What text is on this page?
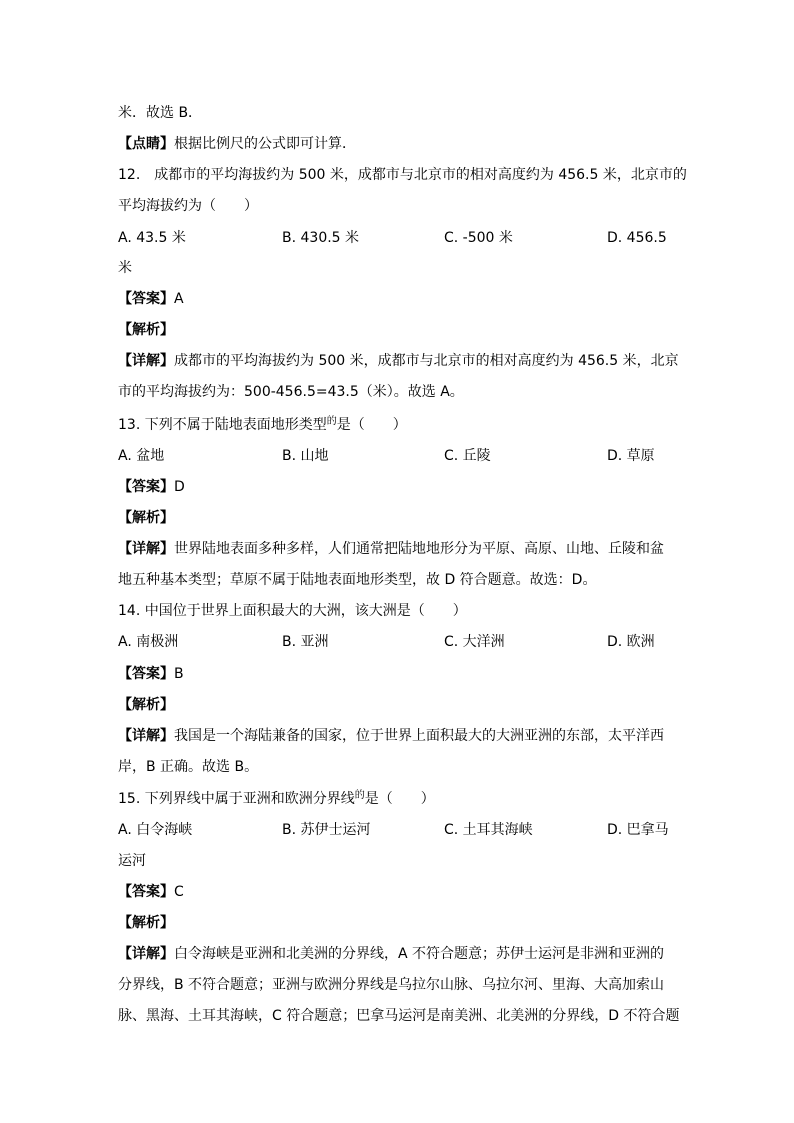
米．故选 B．
【点睛】根据比例尺的公式即可计算．
12.　成都市的平均海拔约为 500 米，成都市与北京市的相对高度约为 456.5 米，北京市的
平均海拔约为（　　）
A. 43.5 米	B. 430.5 米	C. -500 米	D. 456.5
米
【答案】A
【解析】
【详解】成都市的平均海拔约为 500 米，成都市与北京市的相对高度约为 456.5 米，北京
市的平均海拔约为：500-456.5=43.5（米）。故选 A。
13. 下列不属于陆地表面地形类型$^的$是（　　）
A. 盆地	B. 山地	C. 丘陵	D. 草原
【答案】D
【解析】
【详解】世界陆地表面多种多样，人们通常把陆地地形分为平原、高原、山地、丘陵和盆
地五种基本类型；草原不属于陆地表面地形类型，故 D 符合题意。故选：D。
14. 中国位于世界上面积最大的大洲，该大洲是（　　）
A. 南极洲	B. 亚洲	C. 大洋洲	D. 欧洲
【答案】B
【解析】
【详解】我国是一个海陆兼备的国家，位于世界上面积最大的大洲亚洲的东部，太平洋西
岸，B 正确。故选 B。
15. 下列界线中属于亚洲和欧洲分界线$^的$是（　　）
A. 白令海峡	B. 苏伊士运河	C. 土耳其海峡	D. 巴拿马
运河
【答案】C
【解析】
【详解】白令海峡是亚洲和北美洲的分界线，A 不符合题意；苏伊士运河是非洲和亚洲的
分界线，B 不符合题意；亚洲与欧洲分界线是乌拉尔山脉、乌拉尔河、里海、大高加索山
脉、黑海、土耳其海峡，C 符合题意；巴拿马运河是南美洲、北美洲的分界线，D 不符合题
